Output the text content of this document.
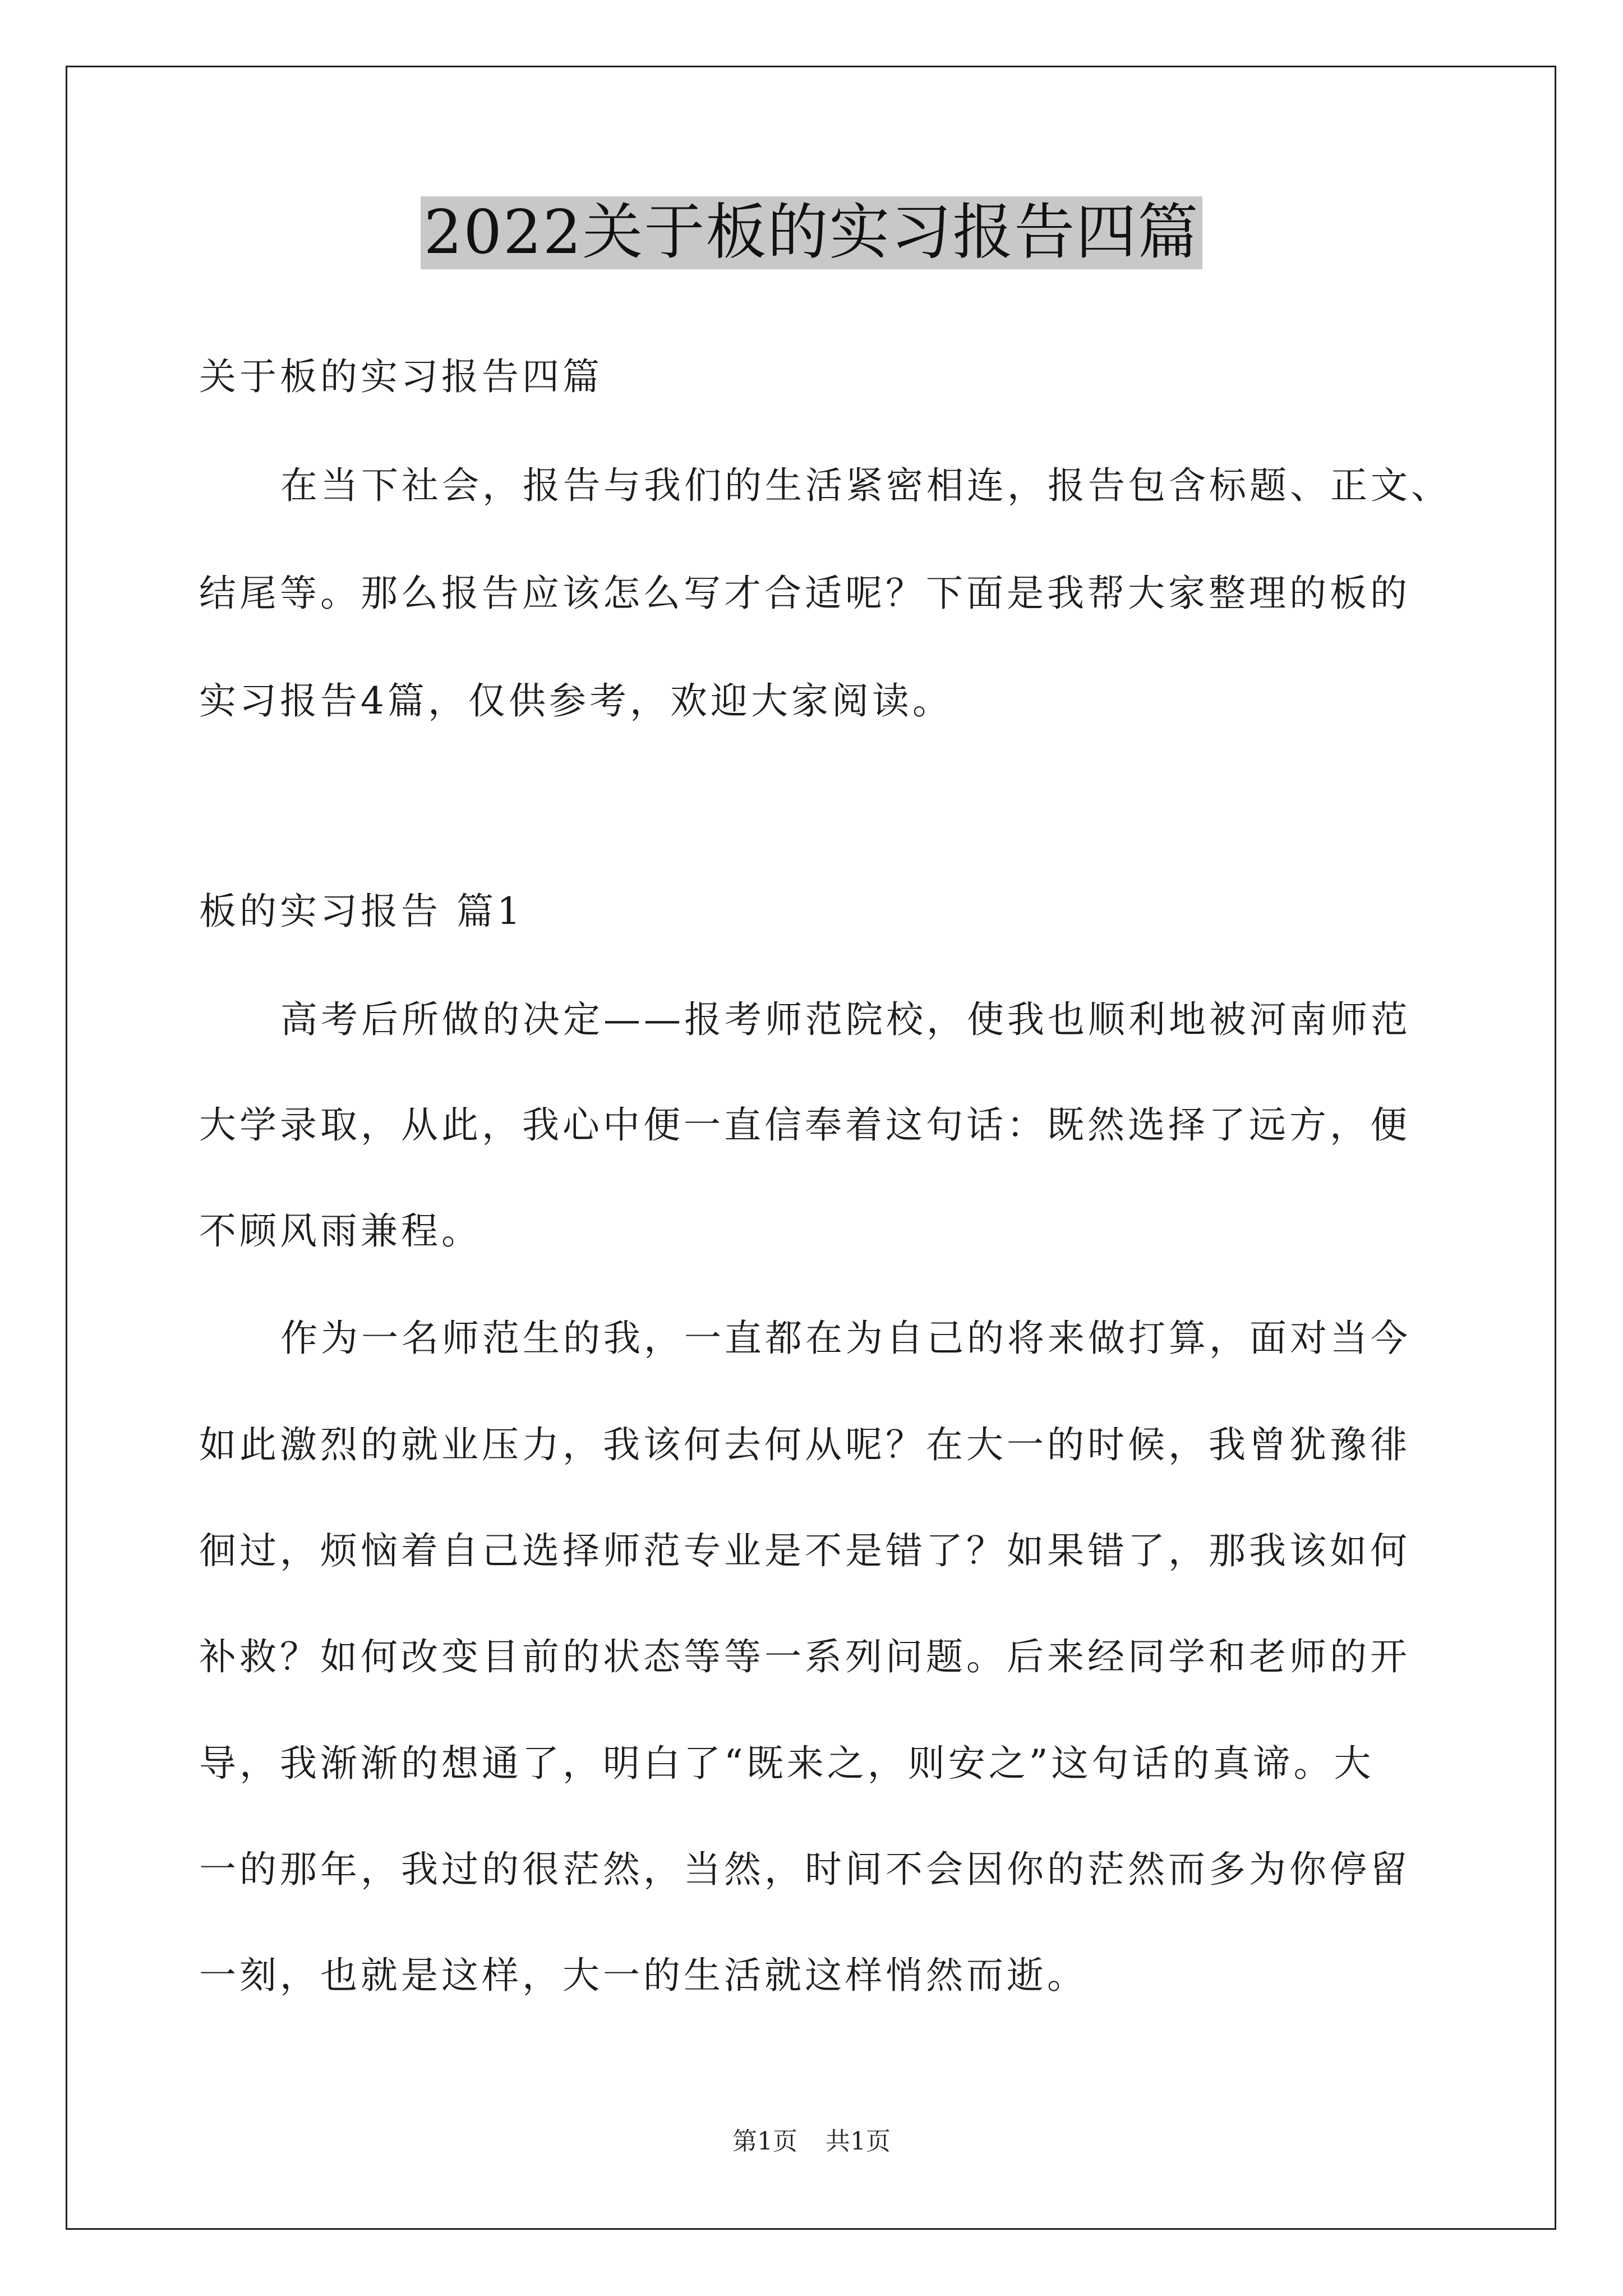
2022关于板的实习报告四篇
关于板的实习报告四篇
在当下社会，报告与我们的生活紧密相连，报告包含标题、正文、
结尾等。那么报告应该怎么写才合适呢？下面是我帮大家整理的板的
实习报告4篇，仅供参考，欢迎大家阅读。
板的实习报告 篇1
高考后所做的决定——报考师范院校，使我也顺利地被河南师范
大学录取，从此，我心中便一直信奉着这句话：既然选择了远方，便
不顾风雨兼程。
作为一名师范生的我，一直都在为自己的将来做打算，面对当今
如此激烈的就业压力，我该何去何从呢？在大一的时候，我曾犹豫徘
徊过，烦恼着自己选择师范专业是不是错了？如果错了，那我该如何
补救？如何改变目前的状态等等一系列问题。后来经同学和老师的开
导，我渐渐的想通了，明白了“既来之，则安之”这句话的真谛。大
一的那年，我过的很茫然，当然，时间不会因你的茫然而多为你停留
一刻，也就是这样，大一的生活就这样悄然而逝。
第1页 共1页
